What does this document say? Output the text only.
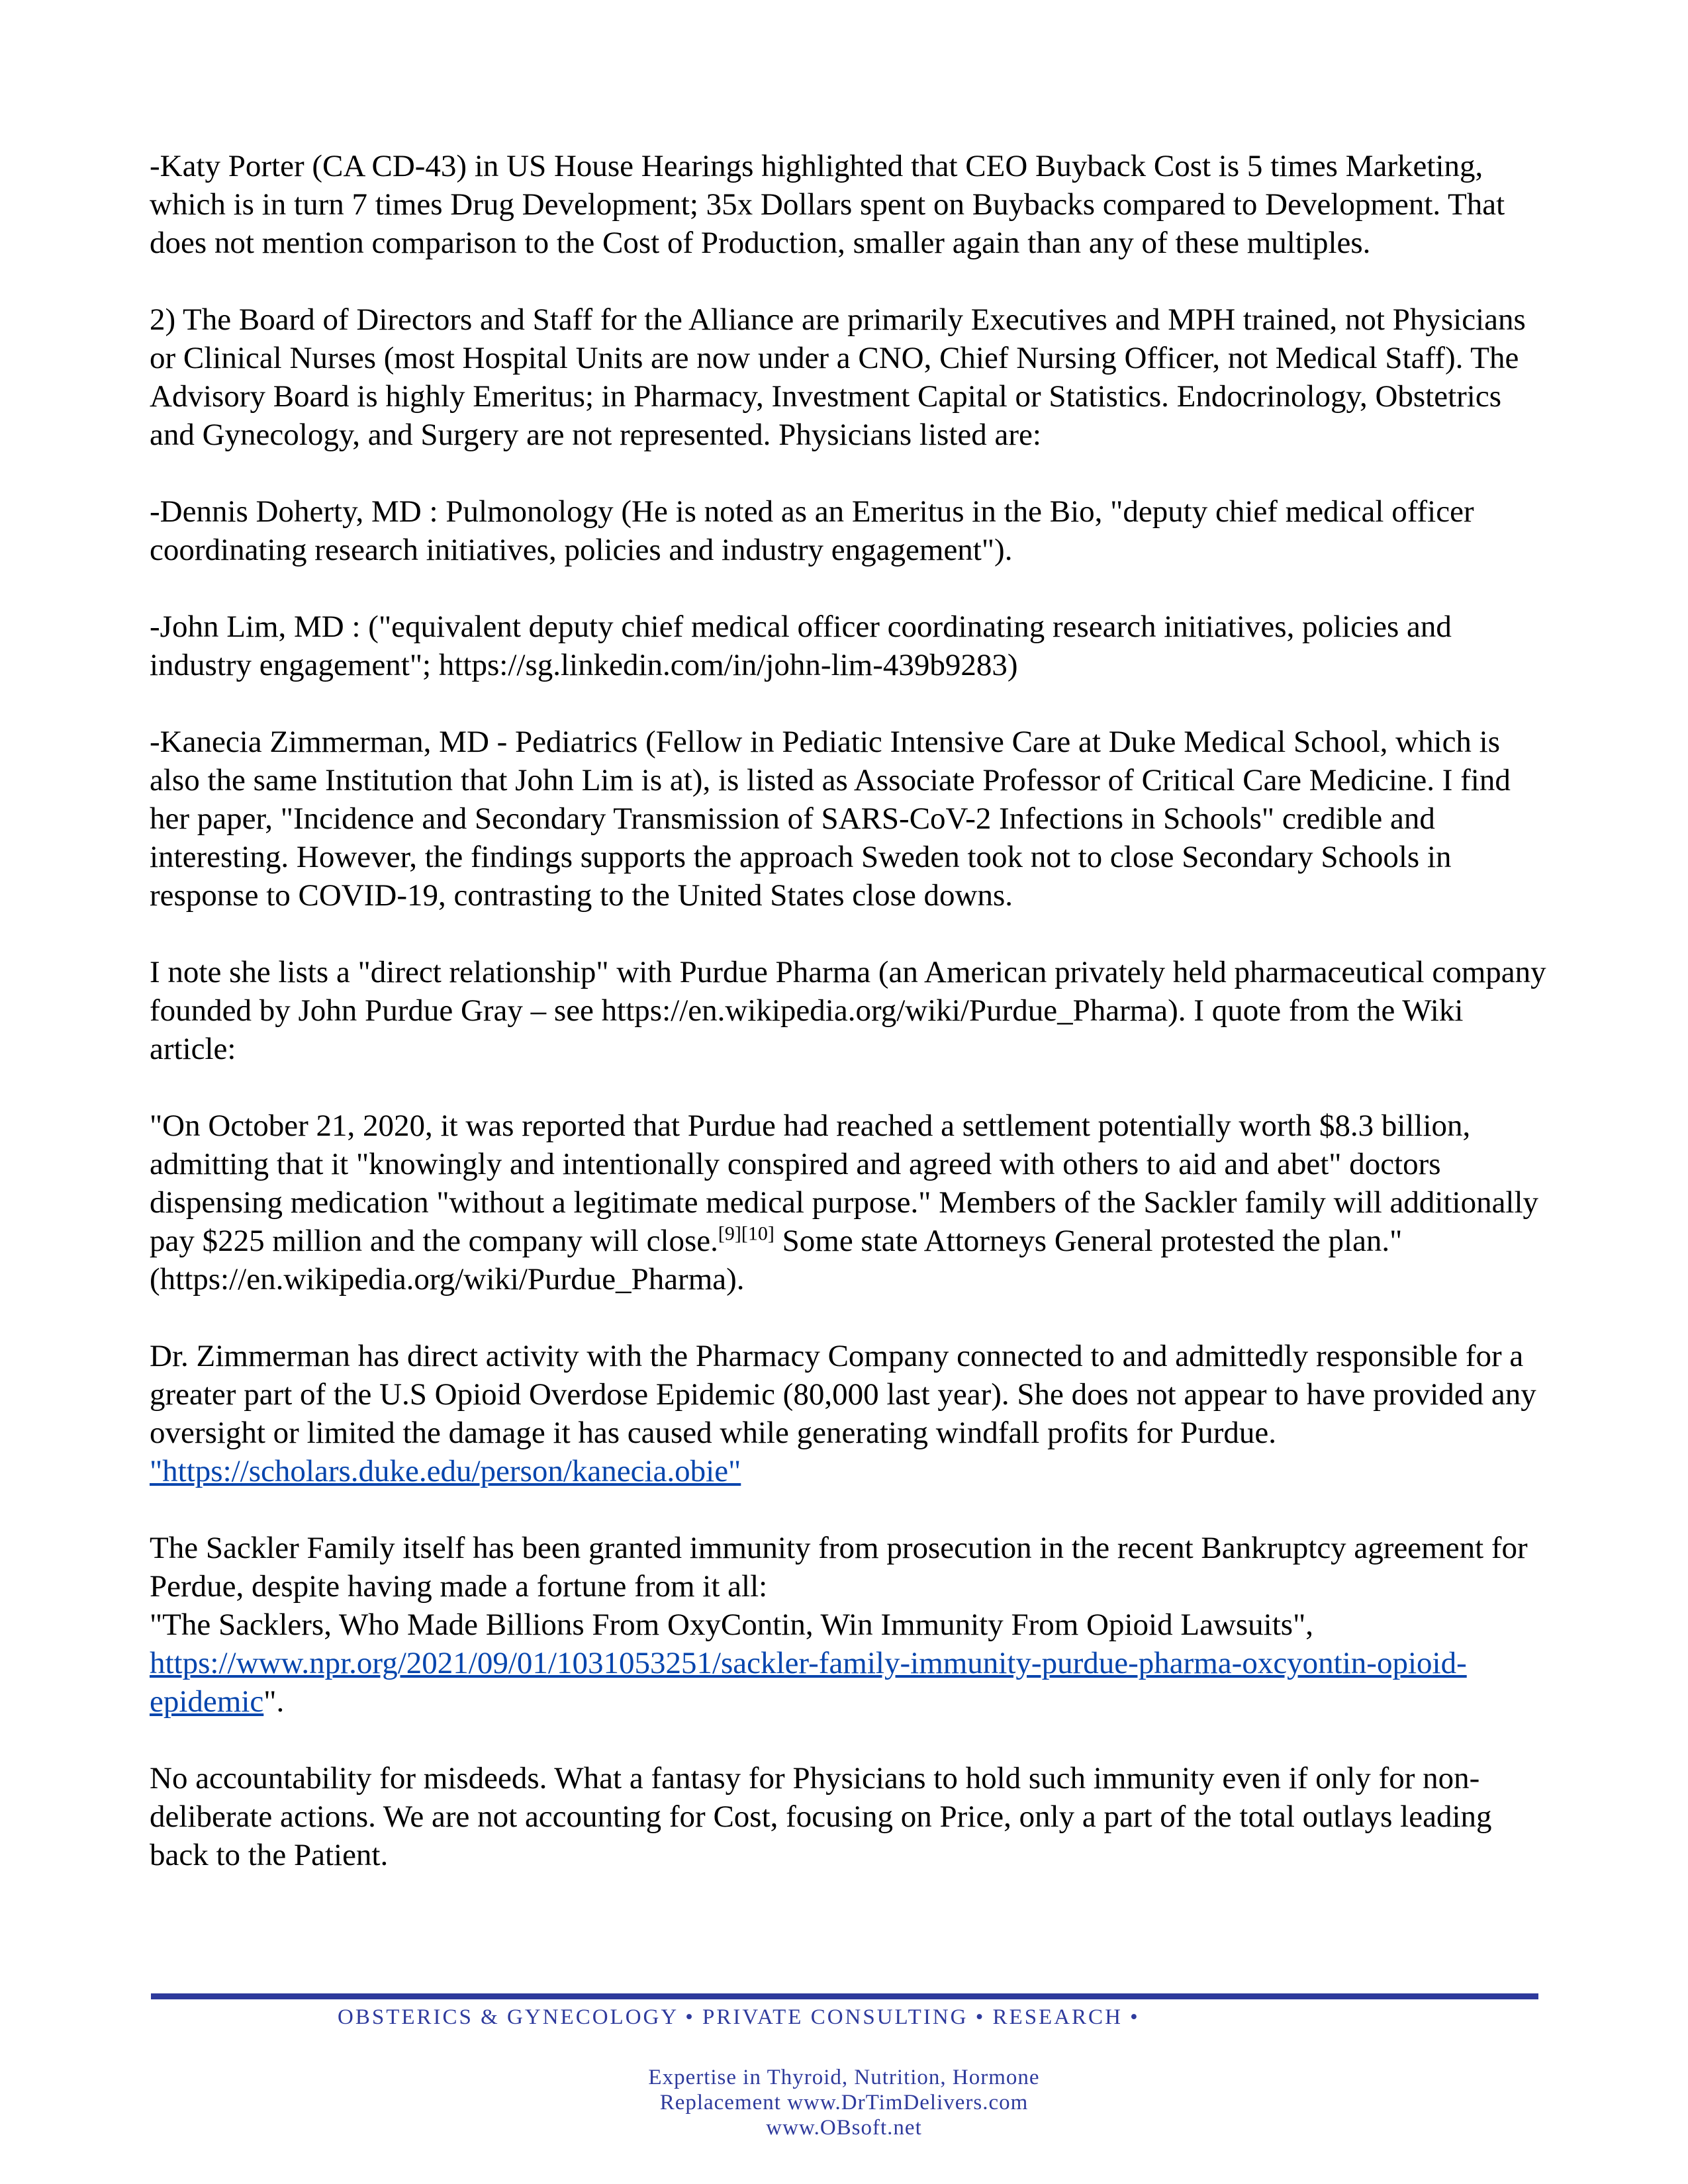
-Katy Porter (CA CD-43) in US House Hearings highlighted that CEO Buyback Cost is 5 times Marketing, which is in turn 7 times Drug Development; 35x Dollars spent on Buybacks compared to Development. That does not mention comparison to the Cost of Production, smaller again than any of these multiples.

2) The Board of Directors and Staff for the Alliance are primarily Executives and MPH trained, not Physicians or Clinical Nurses (most Hospital Units are now under a CNO, Chief Nursing Officer, not Medical Staff). The Advisory Board is highly Emeritus; in Pharmacy, Investment Capital or Statistics. Endocrinology, Obstetrics and Gynecology, and Surgery are not represented. Physicians listed are:

-Dennis Doherty, MD : Pulmonology (He is noted as an Emeritus in the Bio, "deputy chief medical officer coordinating research initiatives, policies and industry engagement").

-John Lim, MD : ("equivalent deputy chief medical officer coordinating research initiatives, policies and industry engagement"; https://sg.linkedin.com/in/john-lim-439b9283)

-Kanecia Zimmerman, MD - Pediatrics (Fellow in Pediatic Intensive Care at Duke Medical School, which is also the same Institution that John Lim is at), is listed as Associate Professor of Critical Care Medicine. I find her paper, "Incidence and Secondary Transmission of SARS-CoV-2 Infections in Schools" credible and interesting. However, the findings supports the approach Sweden took not to close Secondary Schools in response to COVID-19, contrasting to the United States close downs.

I note she lists a "direct relationship" with Purdue Pharma (an American privately held pharmaceutical company founded by John Purdue Gray – see https://en.wikipedia.org/wiki/Purdue_Pharma). I quote from the Wiki article:

"On October 21, 2020, it was reported that Purdue had reached a settlement potentially worth $8.3 billion, admitting that it "knowingly and intentionally conspired and agreed with others to aid and abet" doctors dispensing medication "without a legitimate medical purpose." Members of the Sackler family will additionally pay $225 million and the company will close.[9][10] Some state Attorneys General protested the plan." (https://en.wikipedia.org/wiki/Purdue_Pharma).

Dr. Zimmerman has direct activity with the Pharmacy Company connected to and admittedly responsible for a greater part of the U.S Opioid Overdose Epidemic (80,000 last year). She does not appear to have provided any oversight or limited the damage it has caused while generating windfall profits for Purdue. "https://scholars.duke.edu/person/kanecia.obie"

The Sackler Family itself has been granted immunity from prosecution in the recent Bankruptcy agreement for Perdue, despite having made a fortune from it all:
"The Sacklers, Who Made Billions From OxyContin, Win Immunity From Opioid Lawsuits",
https://www.npr.org/2021/09/01/1031053251/sackler-family-immunity-purdue-pharma-oxcyontin-opioid-epidemic".

No accountability for misdeeds. What a fantasy for Physicians to hold such immunity even if only for non-deliberate actions. We are not accounting for Cost, focusing on Price, only a part of the total outlays leading back to the Patient.

OBSTERICS & GYNECOLOGY • PRIVATE CONSULTING • RESEARCH •
Expertise in Thyroid, Nutrition, Hormone
Replacement www.DrTimDelivers.com
www.OBsoft.net
